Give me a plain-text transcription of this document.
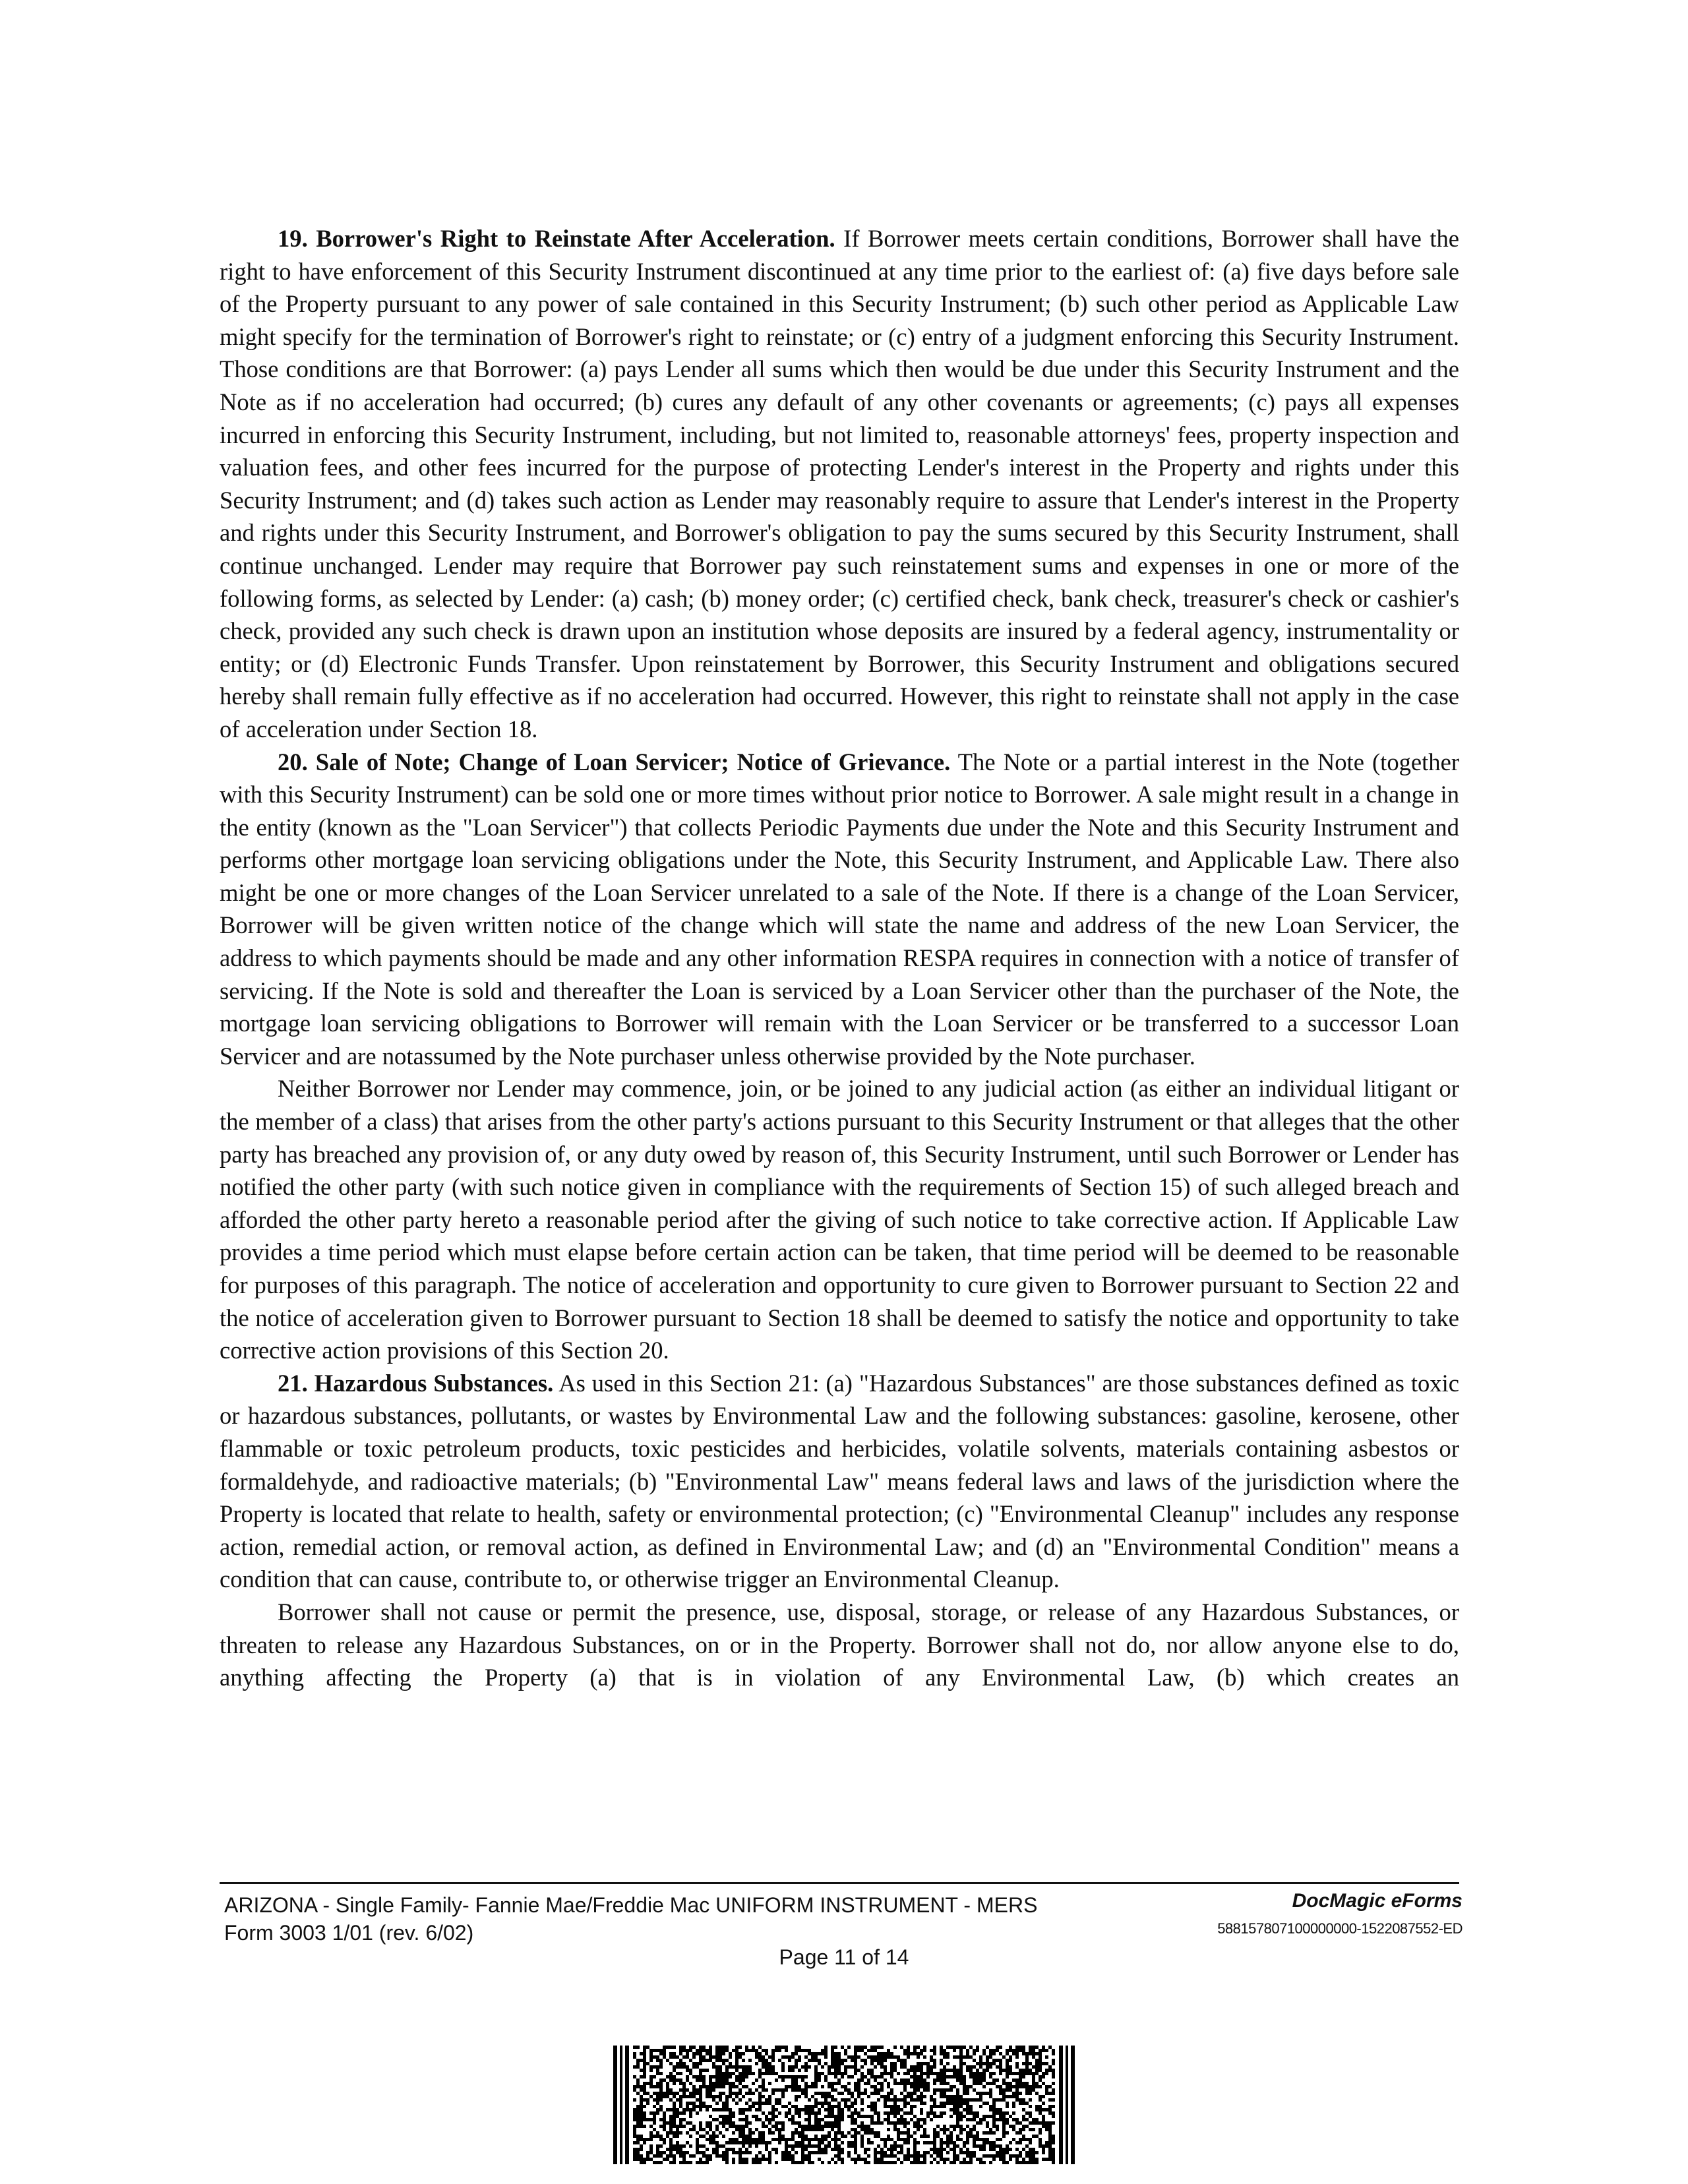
19. Borrower's Right to Reinstate After Acceleration. If Borrower meets certain conditions, Borrower shall have the right to have enforcement of this Security Instrument discontinued at any time prior to the earliest of: (a) five days before sale of the Property pursuant to any power of sale contained in this Security Instrument; (b) such other period as Applicable Law might specify for the termination of Borrower's right to reinstate; or (c) entry of a judgment enforcing this Security Instrument. Those conditions are that Borrower: (a) pays Lender all sums which then would be due under this Security Instrument and the Note as if no acceleration had occurred; (b) cures any default of any other covenants or agreements; (c) pays all expenses incurred in enforcing this Security Instrument, including, but not limited to, reasonable attorneys' fees, property inspection and valuation fees, and other fees incurred for the purpose of protecting Lender's interest in the Property and rights under this Security Instrument; and (d) takes such action as Lender may reasonably require to assure that Lender's interest in the Property and rights under this Security Instrument, and Borrower's obligation to pay the sums secured by this Security Instrument, shall continue unchanged. Lender may require that Borrower pay such reinstatement sums and expenses in one or more of the following forms, as selected by Lender: (a) cash; (b) money order; (c) certified check, bank check, treasurer's check or cashier's check, provided any such check is drawn upon an institution whose deposits are insured by a federal agency, instrumentality or entity; or (d) Electronic Funds Transfer. Upon reinstatement by Borrower, this Security Instrument and obligations secured hereby shall remain fully effective as if no acceleration had occurred. However, this right to reinstate shall not apply in the case of acceleration under Section 18.

20. Sale of Note; Change of Loan Servicer; Notice of Grievance. The Note or a partial interest in the Note (together with this Security Instrument) can be sold one or more times without prior notice to Borrower. A sale might result in a change in the entity (known as the "Loan Servicer") that collects Periodic Payments due under the Note and this Security Instrument and performs other mortgage loan servicing obligations under the Note, this Security Instrument, and Applicable Law. There also might be one or more changes of the Loan Servicer unrelated to a sale of the Note. If there is a change of the Loan Servicer, Borrower will be given written notice of the change which will state the name and address of the new Loan Servicer, the address to which payments should be made and any other information RESPA requires in connection with a notice of transfer of servicing. If the Note is sold and thereafter the Loan is serviced by a Loan Servicer other than the purchaser of the Note, the mortgage loan servicing obligations to Borrower will remain with the Loan Servicer or be transferred to a successor Loan Servicer and are notassumed by the Note purchaser unless otherwise provided by the Note purchaser.

Neither Borrower nor Lender may commence, join, or be joined to any judicial action (as either an individual litigant or the member of a class) that arises from the other party's actions pursuant to this Security Instrument or that alleges that the other party has breached any provision of, or any duty owed by reason of, this Security Instrument, until such Borrower or Lender has notified the other party (with such notice given in compliance with the requirements of Section 15) of such alleged breach and afforded the other party hereto a reasonable period after the giving of such notice to take corrective action. If Applicable Law provides a time period which must elapse before certain action can be taken, that time period will be deemed to be reasonable for purposes of this paragraph. The notice of acceleration and opportunity to cure given to Borrower pursuant to Section 22 and the notice of acceleration given to Borrower pursuant to Section 18 shall be deemed to satisfy the notice and opportunity to take corrective action provisions of this Section 20.

21. Hazardous Substances. As used in this Section 21: (a) "Hazardous Substances" are those substances defined as toxic or hazardous substances, pollutants, or wastes by Environmental Law and the following substances: gasoline, kerosene, other flammable or toxic petroleum products, toxic pesticides and herbicides, volatile solvents, materials containing asbestos or formaldehyde, and radioactive materials; (b) "Environmental Law" means federal laws and laws of the jurisdiction where the Property is located that relate to health, safety or environmental protection; (c) "Environmental Cleanup" includes any response action, remedial action, or removal action, as defined in Environmental Law; and (d) an "Environmental Condition" means a condition that can cause, contribute to, or otherwise trigger an Environmental Cleanup.

Borrower shall not cause or permit the presence, use, disposal, storage, or release of any Hazardous Substances, or threaten to release any Hazardous Substances, on or in the Property. Borrower shall not do, nor allow anyone else to do, anything affecting the Property (a) that is in violation of any Environmental Law, (b) which creates an

ARIZONA - Single Family- Fannie Mae/Freddie Mac UNIFORM INSTRUMENT - MERS
Form 3003 1/01 (rev. 6/02)
Page 11 of 14
DocMagic eForms
588157807100000000-1522087552-ED
